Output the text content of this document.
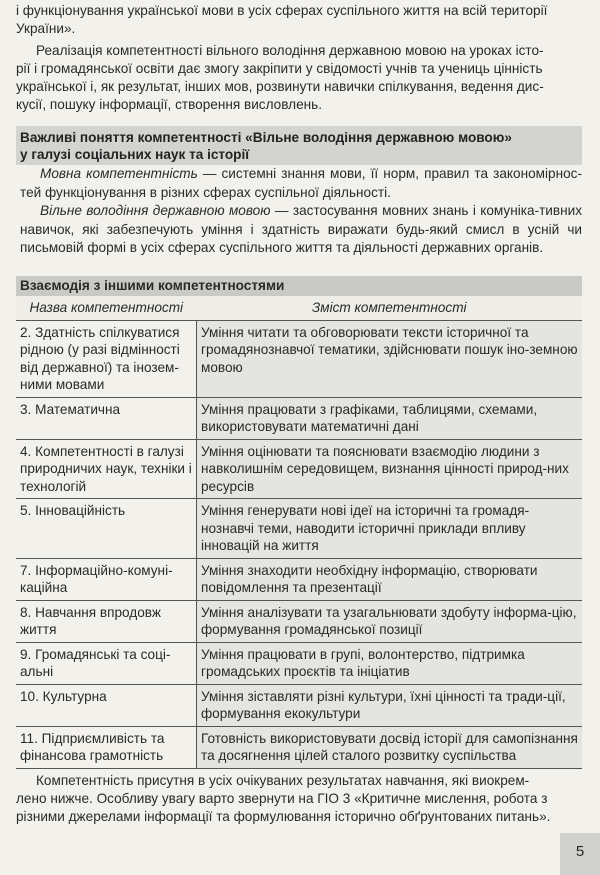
і функціонування української мови в усіх сферах суспільного життя на всій території
України».

Реалізація компетентності вільного володіння державною мовою на уроках істо-
рії і громадянської освіти дає змогу закріпити у свідомості учнів та учениць цінність
української і, як результат, інших мов, розвинути навички спілкування, ведення дис-
кусії, пошуку інформації, створення висловлень.

Важливі поняття компетентності «Вільне володіння державною мовою»
у галузі соціальних наук та історії

Мовна компетентність — системні знання мови, її норм, правил та закономірнос-тей функціонування в різних сферах суспільної діяльності.

Вільне володіння державною мовою — застосування мовних знань і комуніка-тивних навичок, які забезпечують уміння і здатність виражати будь-який смисл в усній чи письмовій формі в усіх сферах суспільного життя та діяльності державних органів.

Взаємодія з іншими компетентностями
Назва компетентності	Зміст компетентності
2. Здатність спілкуватися рідною (у разі відмінності від державної) та інозем-ними мовами	Уміння читати та обговорювати тексти історичної та громадянознавчої тематики, здійснювати пошук іно-земною мовою
3. Математична	Уміння працювати з графіками, таблицями, схемами, використовувати математичні дані
4. Компетентності в галузі природничих наук, техніки і технологій	Уміння оцінювати та пояснювати взаємодію людини з навколишнім середовищем, визнання цінності природ-них ресурсів
5. Інноваційність	Уміння генерувати нові ідеї на історичні та громадя-нознавчі теми, наводити історичні приклади впливу інновацій на життя
7. Інформаційно-комуні-каційна	Уміння знаходити необхідну інформацію, створювати повідомлення та презентації
8. Навчання впродовж життя	Уміння аналізувати та узагальнювати здобуту інформа-цію, формування громадянської позиції
9. Громадянські та соці-альні	Уміння працювати в групі, волонтерство, підтримка громадських проєктів та ініціатив
10. Культурна	Уміння зіставляти різні культури, їхні цінності та тради-ції, формування екокультури
11. Підприємливість та фінансова грамотність	Готовність використовувати досвід історії для самопізнання та досягнення цілей сталого розвитку суспільства

Компетентність присутня в усіх очікуваних результатах навчання, які виокрем-
лено нижче. Особливу увагу варто звернути на ГІО 3 «Критичне мислення, робота з
різними джерелами інформації та формулювання історично обґрунтованих питань».

5
